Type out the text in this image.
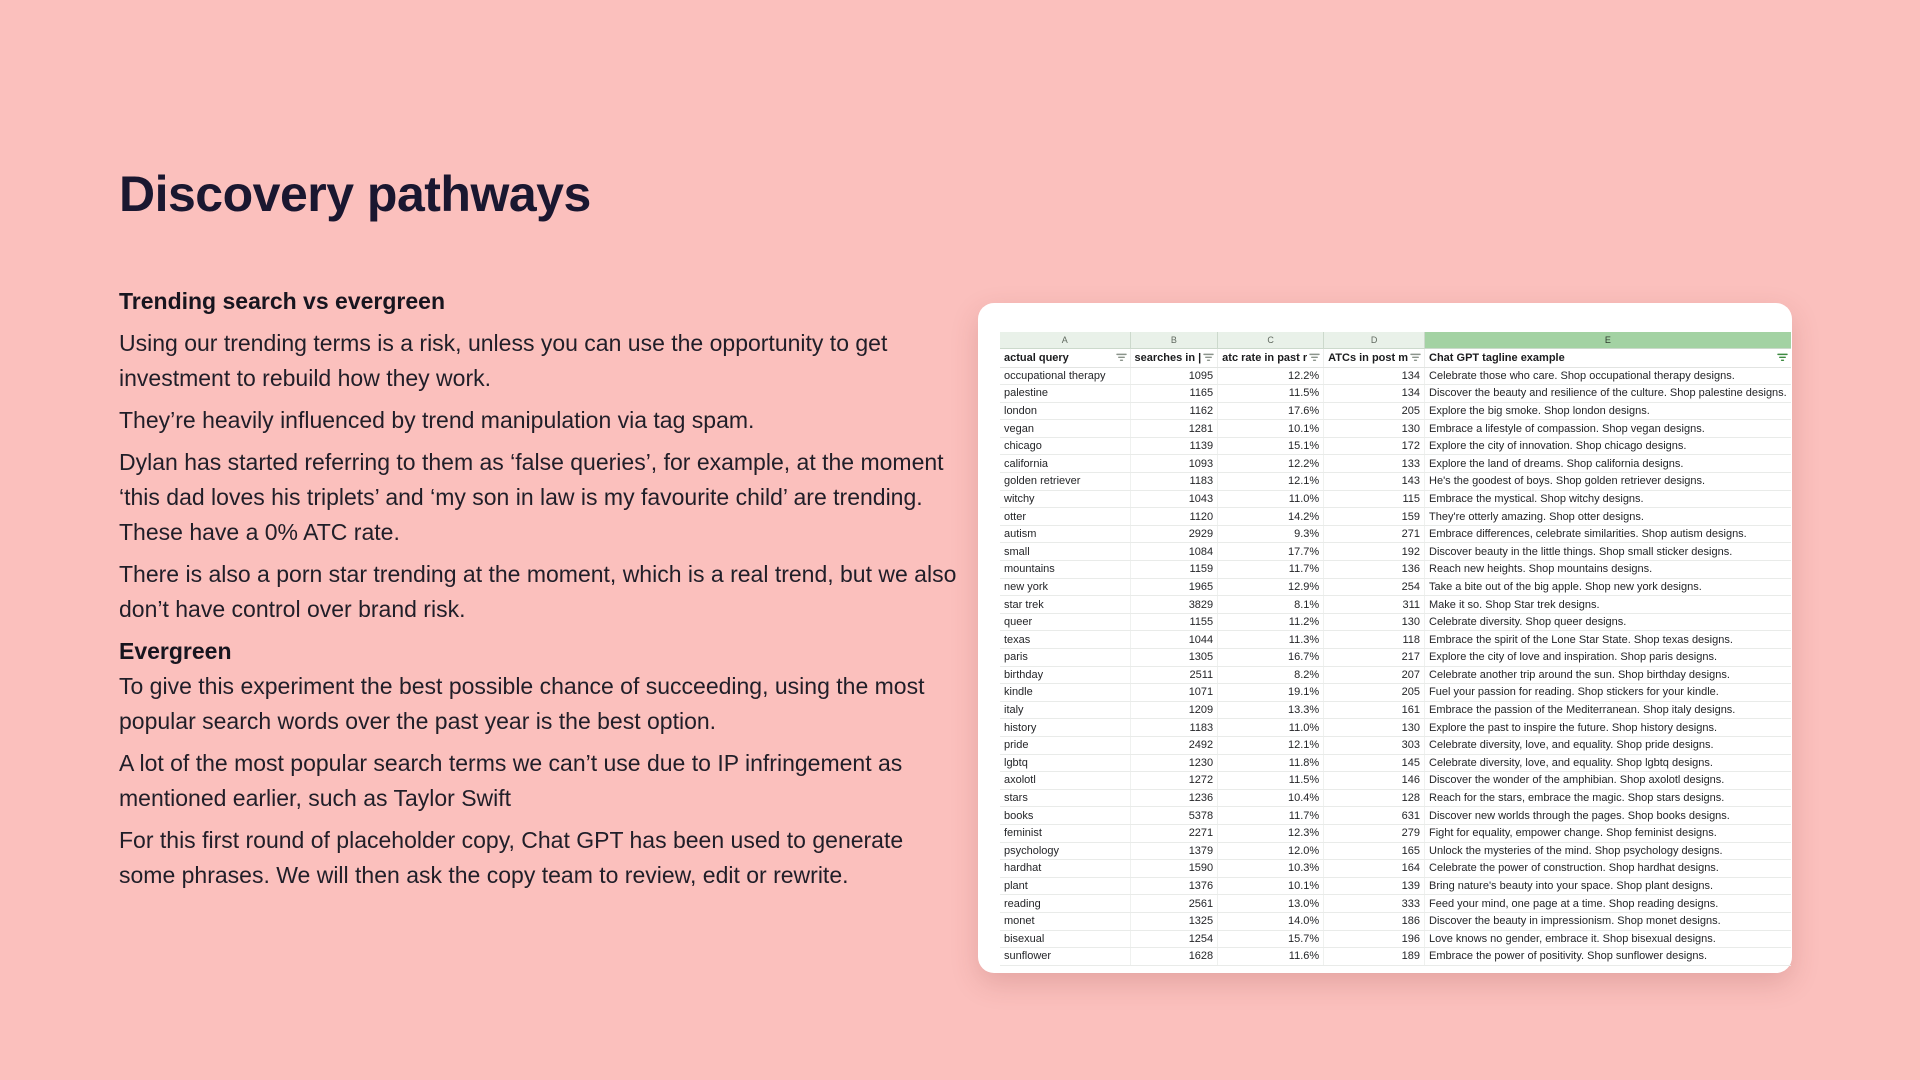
Discovery pathways
Trending search vs evergreen

Using our trending terms is a risk, unless you can use the opportunity to get investment to rebuild how they work.

They’re heavily influenced by trend manipulation via tag spam.

Dylan has started referring to them as ‘false queries’, for example, at the moment ‘this dad loves his triplets’ and ‘my son in law is my favourite child’ are trending. These have a 0% ATC rate.

There is also a porn star trending at the moment, which is a real trend, but we also don’t have control over brand risk.

Evergreen

To give this experiment the best possible chance of succeeding, using the most popular search words over the past year is the best option.

A lot of the most popular search terms we can’t use due to IP infringement as mentioned earlier, such as Taylor Swift

For this first round of placeholder copy, Chat GPT has been used to generate some phrases. We will then ask the copy team to review, edit or rewrite.

A	B	C	D	E

actual query	searches in |	atc rate in past r	ATCs in post m	Chat GPT tagline example

occupational therapy	1095	12.2%	134	Celebrate those who care. Shop occupational therapy designs.
palestine	1165	11.5%	134	Discover the beauty and resilience of the culture. Shop palestine designs.
london	1162	17.6%	205	Explore the big smoke. Shop london designs.
vegan	1281	10.1%	130	Embrace a lifestyle of compassion. Shop vegan designs.
chicago	1139	15.1%	172	Explore the city of innovation. Shop chicago designs.
california	1093	12.2%	133	Explore the land of dreams. Shop california designs.
golden retriever	1183	12.1%	143	He's the goodest of boys. Shop golden retriever designs.
witchy	1043	11.0%	115	Embrace the mystical. Shop witchy designs.
otter	1120	14.2%	159	They're otterly amazing. Shop otter designs.
autism	2929	9.3%	271	Embrace differences, celebrate similarities. Shop autism designs.
small	1084	17.7%	192	Discover beauty in the little things. Shop small sticker designs.
mountains	1159	11.7%	136	Reach new heights. Shop mountains designs.
new york	1965	12.9%	254	Take a bite out of the big apple. Shop new york designs.
star trek	3829	8.1%	311	Make it so. Shop Star trek designs.
queer	1155	11.2%	130	Celebrate diversity. Shop queer designs.
texas	1044	11.3%	118	Embrace the spirit of the Lone Star State. Shop texas designs.
paris	1305	16.7%	217	Explore the city of love and inspiration. Shop paris designs.
birthday	2511	8.2%	207	Celebrate another trip around the sun. Shop birthday designs.
kindle	1071	19.1%	205	Fuel your passion for reading. Shop stickers for your kindle.
italy	1209	13.3%	161	Embrace the passion of the Mediterranean. Shop italy designs.
history	1183	11.0%	130	Explore the past to inspire the future. Shop history designs.
pride	2492	12.1%	303	Celebrate diversity, love, and equality. Shop pride designs.
lgbtq	1230	11.8%	145	Celebrate diversity, love, and equality. Shop lgbtq designs.
axolotl	1272	11.5%	146	Discover the wonder of the amphibian. Shop axolotl designs.
stars	1236	10.4%	128	Reach for the stars, embrace the magic. Shop stars designs.
books	5378	11.7%	631	Discover new worlds through the pages. Shop books designs.
feminist	2271	12.3%	279	Fight for equality, empower change. Shop feminist designs.
psychology	1379	12.0%	165	Unlock the mysteries of the mind. Shop psychology designs.
hardhat	1590	10.3%	164	Celebrate the power of construction. Shop hardhat designs.
plant	1376	10.1%	139	Bring nature's beauty into your space. Shop plant designs.
reading	2561	13.0%	333	Feed your mind, one page at a time. Shop reading designs.
monet	1325	14.0%	186	Discover the beauty in impressionism. Shop monet designs.
bisexual	1254	15.7%	196	Love knows no gender, embrace it. Shop bisexual designs.
sunflower	1628	11.6%	189	Embrace the power of positivity. Shop sunflower designs.
